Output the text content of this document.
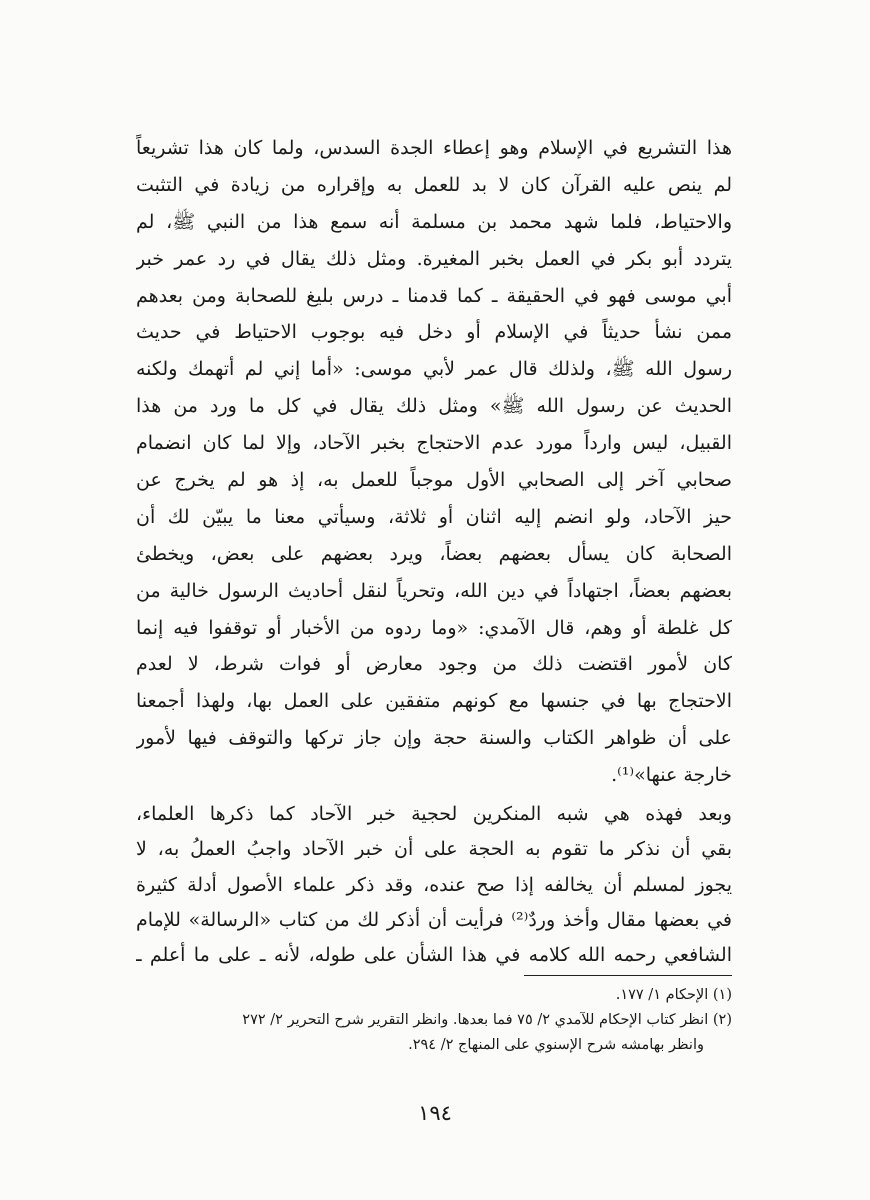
هذا التشريع في الإسلام وهو إعطاء الجدة السدس، ولما كان هذا تشريعاً
لم ينص عليه القرآن كان لا بد للعمل به وإقراره من زيادة في التثبت
والاحتياط، فلما شهد محمد بن مسلمة أنه سمع هذا من النبي ﷺ، لم
يتردد أبو بكر في العمل بخبر المغيرة. ومثل ذلك يقال في رد عمر خبر
أبي موسى فهو في الحقيقة ـ كما قدمنا ـ درس بليغ للصحابة ومن بعدهم
ممن نشأ حديثاً في الإسلام أو دخل فيه بوجوب الاحتياط في حديث
رسول الله ﷺ، ولذلك قال عمر لأبي موسى: «أما إني لم أتهمك ولكنه
الحديث عن رسول الله ﷺ» ومثل ذلك يقال في كل ما ورد من هذا
القبيل، ليس وارداً مورد عدم الاحتجاج بخبر الآحاد، وإلا لما كان انضمام
صحابي آخر إلى الصحابي الأول موجباً للعمل به، إذ هو لم يخرج عن
حيز الآحاد، ولو انضم إليه اثنان أو ثلاثة، وسيأتي معنا ما يبيّن لك أن
الصحابة كان يسأل بعضهم بعضاً، ويرد بعضهم على بعض، ويخطئ
بعضهم بعضاً، اجتهاداً في دين الله، وتحرياً لنقل أحاديث الرسول خالية من
كل غلطة أو وهم، قال الآمدي: «وما ردوه من الأخبار أو توقفوا فيه إنما
كان لأمور اقتضت ذلك من وجود معارض أو فوات شرط، لا لعدم
الاحتجاج بها في جنسها مع كونهم متفقين على العمل بها، ولهذا أجمعنا
على أن ظواهر الكتاب والسنة حجة وإن جاز تركها والتوقف فيها لأمور
خارجة عنها»⁽¹⁾.
وبعد فهذه هي شبه المنكرين لحجية خبر الآحاد كما ذكرها العلماء،
بقي أن نذكر ما تقوم به الحجة على أن خبر الآحاد واجبُ العملُ به، لا
يجوز لمسلم أن يخالفه إذا صح عنده، وقد ذكر علماء الأصول أدلة كثيرة
في بعضها مقال وأخذ وردٌ⁽²⁾ فرأيت أن أذكر لك من كتاب «الرسالة» للإمام
الشافعي رحمه الله كلامه في هذا الشأن على طوله، لأنه ـ على ما أعلم ـ
(١) الإحكام ١/ ١٧٧.
(٢) انظر كتاب الإحكام للآمدي ٢/ ٧٥ فما بعدها. وانظر التقرير شرح التحرير ٢/ ٢٧٢
وانظر بهامشه شرح الإسنوي على المنهاج ٢/ ٢٩٤.
١٩٤
